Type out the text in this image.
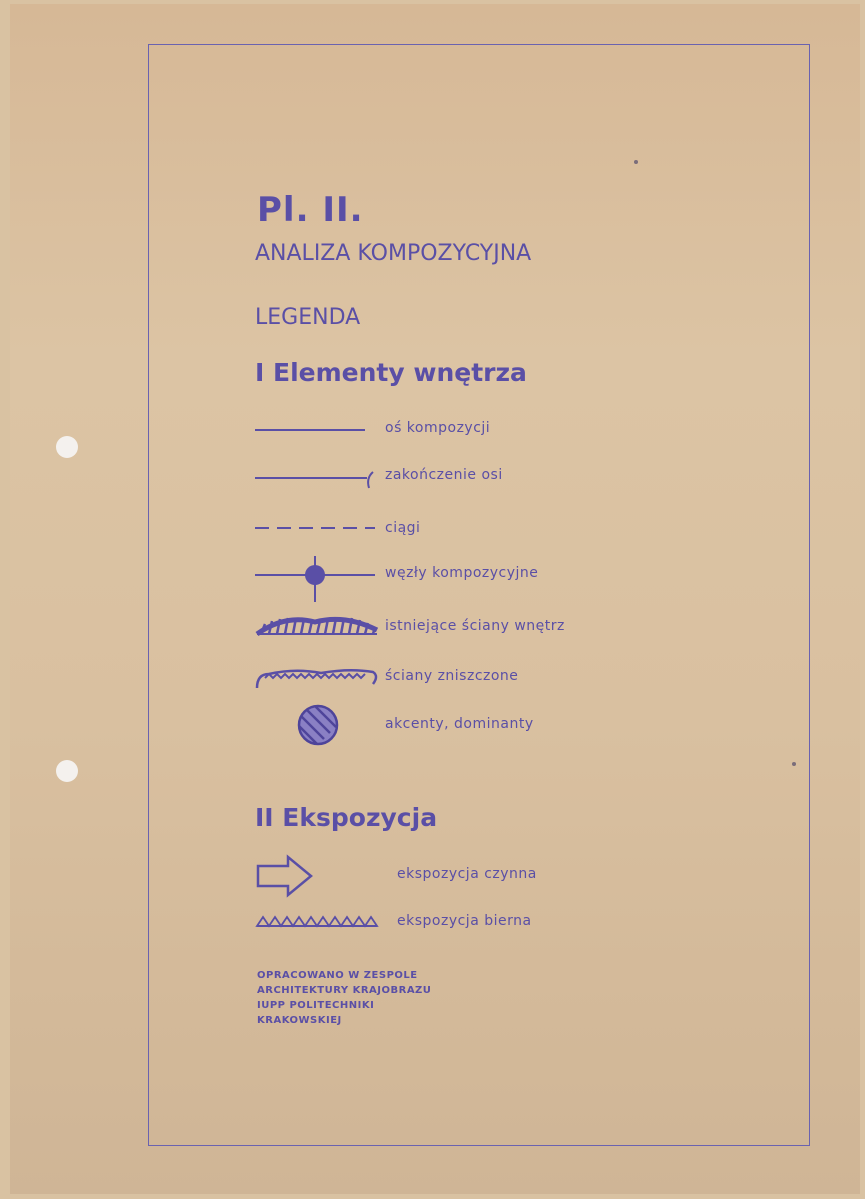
Pl. II.
ANALIZA KOMPOZYCYJNA
LEGENDA
I Elementy wnętrza
oś kompozycji
zakończenie osi
ciągi
węzły kompozycyjne
istniejące ściany wnętrz
ściany zniszczone
akcenty, dominanty
II Ekspozycja
ekspozycja czynna
ekspozycja bierna
OPRACOWANO W ZESPOLE
ARCHITEKTURY KRAJOBRAZU
IUPP POLITECHNIKI
KRAKOWSKIEJ
